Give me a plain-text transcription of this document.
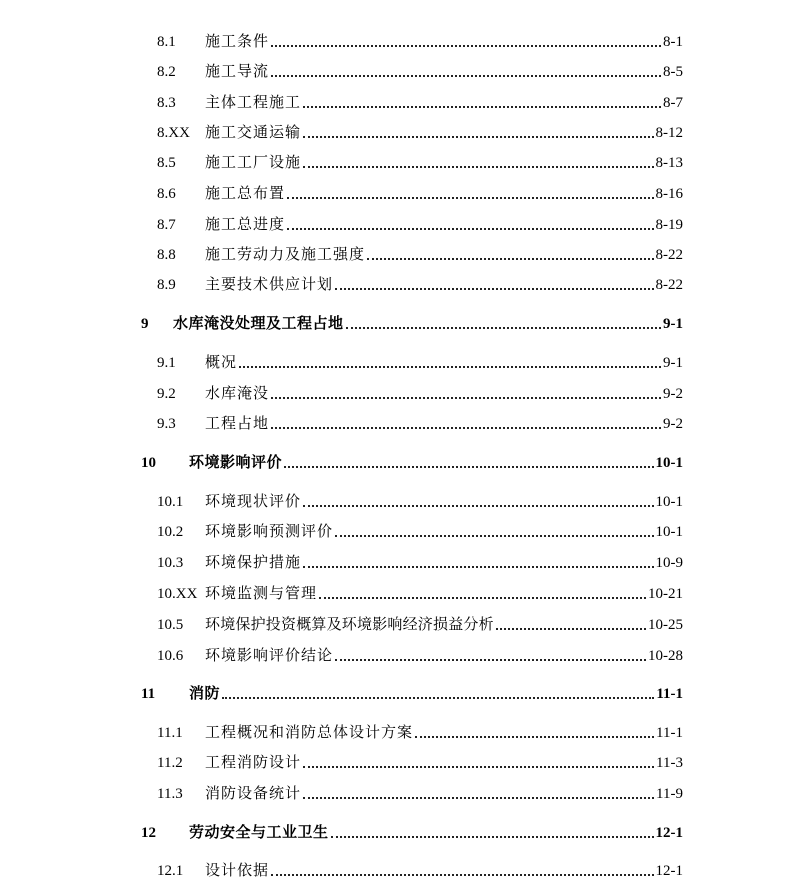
8.1	施工条件	8-1
8.2	施工导流	8-5
8.3	主体工程施工	8-7
8.XX	施工交通运输	8-12
8.5	施工工厂设施	8-13
8.6	施工总布置	8-16
8.7	施工总进度	8-19
8.8	施工劳动力及施工强度	8-22
8.9	主要技术供应计划	8-22
9	水库淹没处理及工程占地	9-1
9.1	概况	9-1
9.2	水库淹没	9-2
9.3	工程占地	9-2
10	环境影响评价	10-1
10.1	环境现状评价	10-1
10.2	环境影响预测评价	10-1
10.3	环境保护措施	10-9
10.XX 环境监测与管理	10-21
10.5	环境保护投资概算及环境影响经济损益分析	10-25
10.6	环境影响评价结论	10-28
11	消防	11-1
11.1	工程概况和消防总体设计方案	11-1
11.2	工程消防设计	11-3
11.3	消防设备统计	11-9
12	劳动安全与工业卫生	12-1
12.1	设计依据	12-1
